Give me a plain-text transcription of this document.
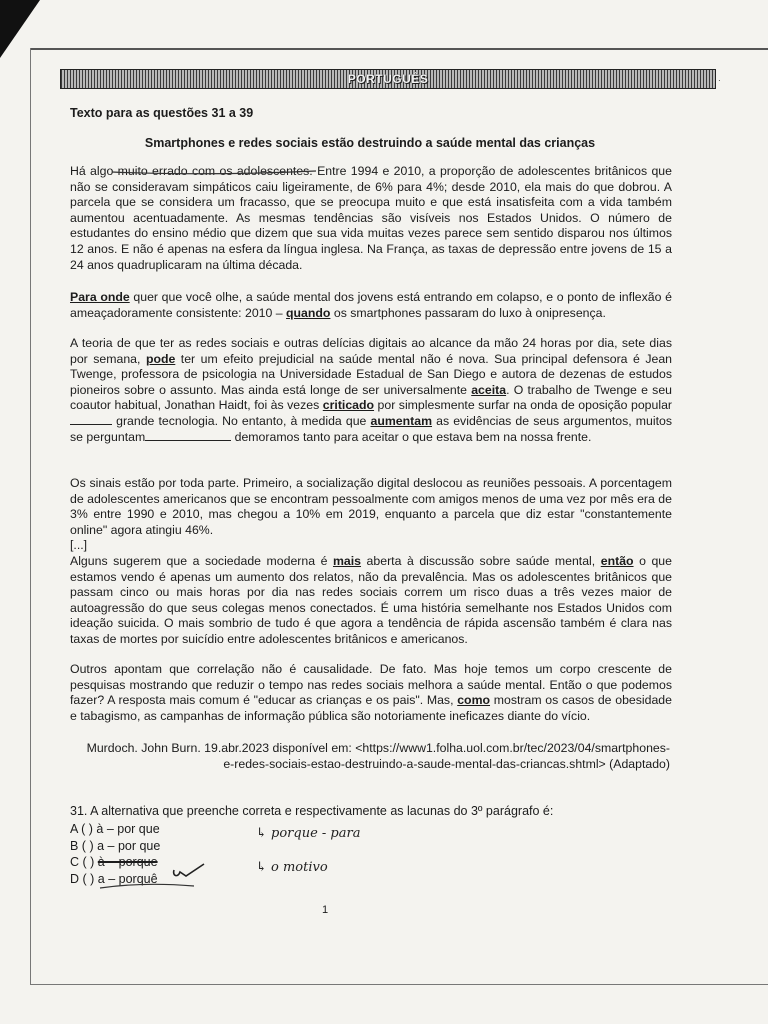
PORTUGUÊS
Texto para as questões 31 a 39
Smartphones e redes sociais estão destruindo a saúde mental das crianças

Há algo muito errado com os adolescentes. Entre 1994 e 2010, a proporção de adolescentes britânicos que não se consideravam simpáticos caiu ligeiramente, de 6% para 4%; desde 2010, ela mais do que dobrou. A parcela que se considera um fracasso, que se preocupa muito e que está insatisfeita com a vida também aumentou acentuadamente. As mesmas tendências são visíveis nos Estados Unidos. O número de estudantes do ensino médio que dizem que sua vida muitas vezes parece sem sentido disparou nos últimos 12 anos. E não é apenas na esfera da língua inglesa. Na França, as taxas de depressão entre jovens de 15 a 24 anos quadruplicaram na última década.

Para onde quer que você olhe, a saúde mental dos jovens está entrando em colapso, e o ponto de inflexão é ameaçadoramente consistente: 2010 – quando os smartphones passaram do luxo à onipresença.

A teoria de que ter as redes sociais e outras delícias digitais ao alcance da mão 24 horas por dia, sete dias por semana, pode ter um efeito prejudicial na saúde mental não é nova. Sua principal defensora é Jean Twenge, professora de psicologia na Universidade Estadual de San Diego e autora de dezenas de estudos pioneiros sobre o assunto. Mas ainda está longe de ser universalmente aceita. O trabalho de Twenge e seu coautor habitual, Jonathan Haidt, foi às vezes criticado por simplesmente surfar na onda de oposição popular  grande tecnologia. No entanto, à medida que aumentam as evidências de seus argumentos, muitos se perguntam	demoramos tanto para aceitar o que estava bem na nossa frente.

Os sinais estão por toda parte. Primeiro, a socialização digital deslocou as reuniões pessoais. A porcentagem de adolescentes americanos que se encontram pessoalmente com amigos menos de uma vez por mês era de 3% entre 1990 e 2010, mas chegou a 10% em 2019, enquanto a parcela que diz estar "constantemente online" agora atingiu 46%.
[...]

Alguns sugerem que a sociedade moderna é mais aberta à discussão sobre saúde mental, então o que estamos vendo é apenas um aumento dos relatos, não da prevalência. Mas os adolescentes britânicos que passam cinco ou mais horas por dia nas redes sociais correm um risco duas a três vezes maior de autoagressão do que seus colegas menos conectados. É uma história semelhante nos Estados Unidos com ideação suicida. O mais sombrio de tudo é que agora a tendência de rápida ascensão também é clara nas taxas de mortes por suicídio entre adolescentes britânicos e americanos.

Outros apontam que correlação não é causalidade. De fato. Mas hoje temos um corpo crescente de pesquisas mostrando que reduzir o tempo nas redes sociais melhora a saúde mental. Então o que podemos fazer? A resposta mais comum é "educar as crianças e os pais". Mas, como mostram os casos de obesidade e tabagismo, as campanhas de informação pública são notoriamente ineficazes diante do vício.

Murdoch. John Burn. 19.abr.2023 disponível em: <https://www1.folha.uol.com.br/tec/2023/04/smartphones-
e-redes-sociais-estao-destruindo-a-saude-mental-das-criancas.shtml> (Adaptado)
31. A alternativa que preenche correta e respectivamente as lacunas do 3º parágrafo é:
A ( ) à – por que
B ( ) a – por que
C ( ) à – porque
D ( ) a – porquê
↳ porque - para
↳ o motivo
1
·
